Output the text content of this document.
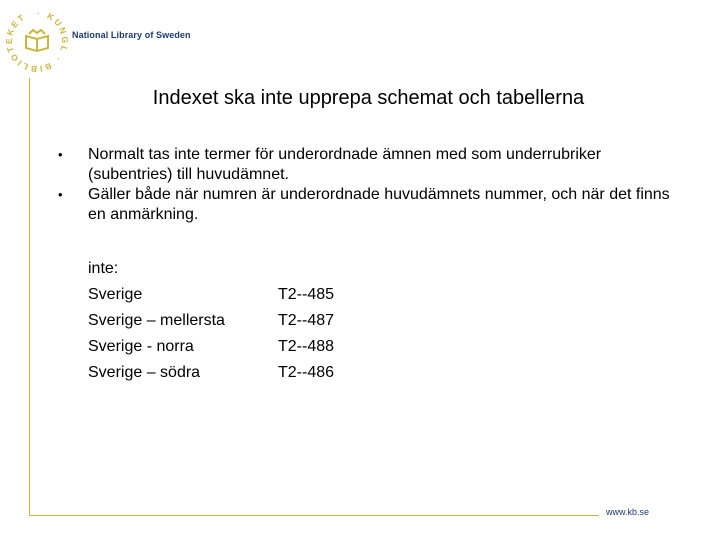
· KUNGL · BIBLIOTEKET
National Library of Sweden
Indexet ska inte upprepa schemat och tabellerna
• Normalt tas inte termer för underordnade ämnen med som underrubriker (subentries) till huvudämnet.
• Gäller både när numren är underordnade huvudämnets nummer, och när det finns en anmärkning.
inte:
Sverige	T2--485
Sverige – mellersta	T2--487
Sverige - norra	T2--488
Sverige – södra	T2--486
www.kb.se
